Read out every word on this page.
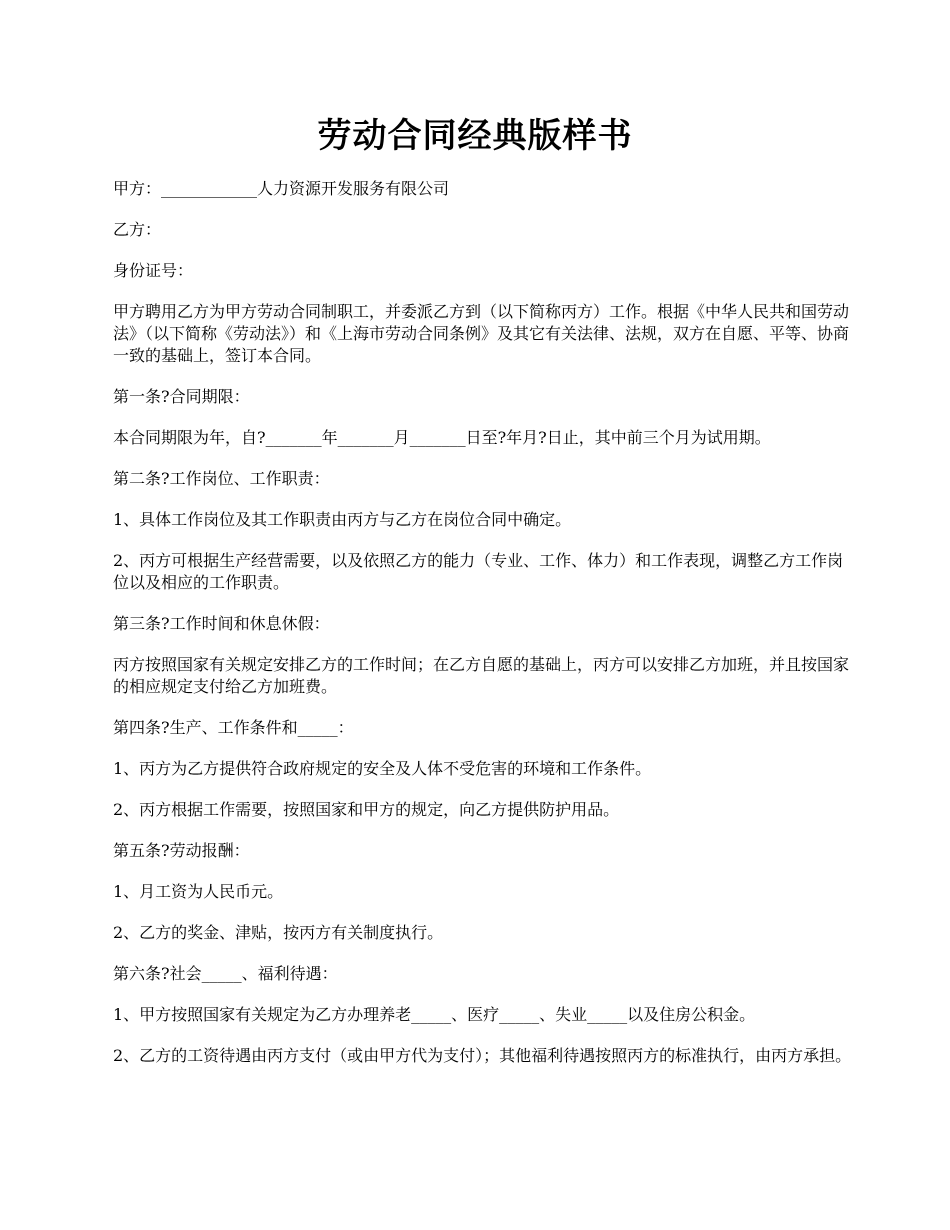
劳动合同经典版样书

甲方：____________人力资源开发服务有限公司

乙方：

身份证号：

甲方聘用乙方为甲方劳动合同制职工，并委派乙方到（以下简称丙方）工作。根据《中华人民共和国劳动法》（以下简称《劳动法》）和《上海市劳动合同条例》及其它有关法律、法规，双方在自愿、平等、协商一致的基础上，签订本合同。

第一条?合同期限：

本合同期限为年，自?_______年_______月_______日至?年月?日止，其中前三个月为试用期。

第二条?工作岗位、工作职责：

1、具体工作岗位及其工作职责由丙方与乙方在岗位合同中确定。

2、丙方可根据生产经营需要，以及依照乙方的能力（专业、工作、体力）和工作表现，调整乙方工作岗位以及相应的工作职责。

第三条?工作时间和休息休假：

丙方按照国家有关规定安排乙方的工作时间；在乙方自愿的基础上，丙方可以安排乙方加班，并且按国家的相应规定支付给乙方加班费。

第四条?生产、工作条件和_____：

1、丙方为乙方提供符合政府规定的安全及人体不受危害的环境和工作条件。

2、丙方根据工作需要，按照国家和甲方的规定，向乙方提供防护用品。

第五条?劳动报酬：

1、月工资为人民币元。

2、乙方的奖金、津贴，按丙方有关制度执行。

第六条?社会_____、福利待遇：

1、甲方按照国家有关规定为乙方办理养老_____、医疗_____、失业_____以及住房公积金。

2、乙方的工资待遇由丙方支付（或由甲方代为支付）；其他福利待遇按照丙方的标准执行，由丙方承担。
